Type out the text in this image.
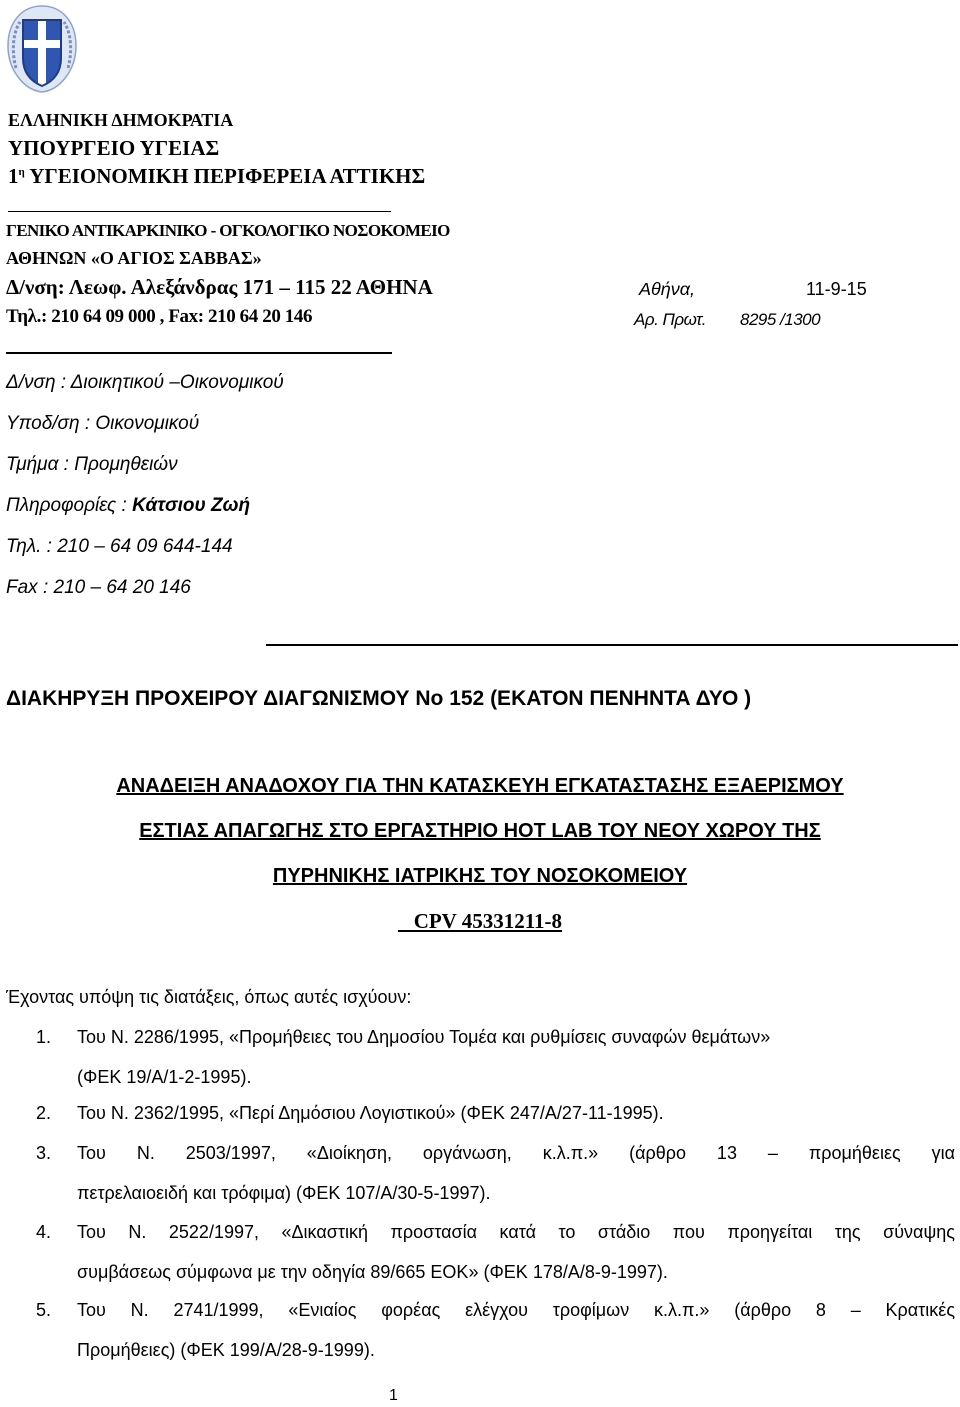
ΕΛΛΗΝΙΚΗ ΔΗΜΟΚΡΑΤΙΑ
ΥΠΟΥΡΓΕΙΟ ΥΓΕΙΑΣ
$1^\eta$ ΥΓΕΙΟΝΟΜΙΚΗ ΠΕΡΙΦΕΡΕΙΑ ΑΤΤΙΚΗΣ
ΓΕΝΙΚΟ ΑΝΤΙΚΑΡΚΙΝΙΚΟ - ΟΓΚΟΛΟΓΙΚΟ ΝΟΣΟΚΟΜΕΙΟ
ΑΘΗΝΩΝ «Ο ΑΓΙΟΣ ΣΑΒΒΑΣ»
Δ/νση: Λεωφ. Αλεξάνδρας 171 – 115 22 ΑΘΗΝΑ
Τηλ.: 210 64 09 000 , Fax: 210 64 20 146
Αθήνα,	11-9-15
Αρ. Πρωτ. 8295 /1300
Δ/νση : Διοικητικού –Οικονομικού
Υποδ/ση : Οικονομικού
Τμήμα : Προμηθειών
Πληροφορίες : Κάτσιου Ζωή
Τηλ. : 210 – 64 09 644-144
Fax : 210 – 64 20 146
ΔΙΑΚΗΡΥΞΗ ΠΡΟΧΕΙΡΟΥ ΔΙΑΓΩΝΙΣΜΟΥ Νο 152 (ΕΚΑΤΟΝ ΠΕΝΗΝΤΑ ΔΥΟ )
ΑΝΑΔΕΙΞΗ ΑΝΑΔΟΧΟΥ ΓΙΑ ΤΗΝ ΚΑΤΑΣΚΕΥΗ ΕΓΚΑΤΑΣΤΑΣΗΣ ΕΞΑΕΡΙΣΜΟΥ
ΕΣΤΙΑΣ ΑΠΑΓΩΓΗΣ ΣΤΟ ΕΡΓΑΣΤΗΡΙΟ HOT LAB ΤΟΥ ΝΕΟΥ ΧΩΡΟΥ ΤΗΣ
ΠΥΡΗΝΙΚΗΣ ΙΑΤΡΙΚΗΣ ΤΟΥ ΝΟΣΟΚΟΜΕΙΟΥ
CPV 45331211-8
Έχοντας υπόψη τις διατάξεις, όπως αυτές ισχύουν:
1. Του Ν. 2286/1995, «Προμήθειες του Δημοσίου Τομέα και ρυθμίσεις συναφών θεμάτων»
(ΦΕΚ 19/Α/1-2-1995).
2. Του Ν. 2362/1995, «Περί Δημόσιου Λογιστικού» (ΦΕΚ 247/Α/27-11-1995).
3. Του Ν. 2503/1997, «Διοίκηση, οργάνωση, κ.λ.π.» (άρθρο 13 – προμήθειες για
πετρελαιοειδή και τρόφιμα) (ΦΕΚ 107/Α/30-5-1997).
4. Του Ν. 2522/1997, «Δικαστική προστασία κατά το στάδιο που προηγείται της σύναψης
συμβάσεως σύμφωνα με την οδηγία 89/665 ΕΟΚ» (ΦΕΚ 178/Α/8-9-1997).
5. Του Ν. 2741/1999, «Ενιαίος φορέας ελέγχου τροφίμων κ.λ.π.» (άρθρο 8 – Κρατικές
Προμήθειες) (ΦΕΚ 199/Α/28-9-1999).
1
